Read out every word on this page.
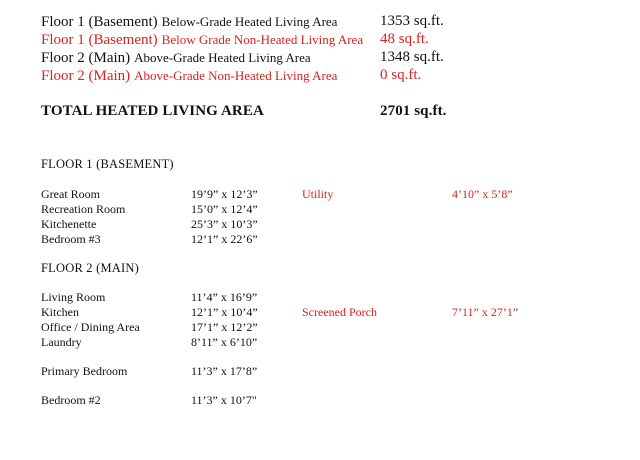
Floor 1 (Basement) Below-Grade Heated Living Area	1353 sq.ft.
Floor 1 (Basement) Below Grade Non-Heated Living Area 48 sq.ft.
Floor 2 (Main) Above-Grade Heated Living Area	1348 sq.ft.
Floor 2 (Main) Above-Grade Non-Heated Living Area	0 sq.ft.
TOTAL HEATED LIVING AREA	2701 sq.ft.
FLOOR 1 (BASEMENT)
Great Room	19’9” x 12’3”	Utility	4’10” x 5’8”
Recreation Room	15’0” x 12’4”
Kitchenette	25’3” x 10’3”
Bedroom #3	12’1” x 22’6”
FLOOR 2 (MAIN)
Living Room	11’4” x 16’9”
Kitchen	12’1” x 10’4”	Screened Porch	7’11” x 27’1”
Office / Dining Area	17’1” x 12’2”
Laundry	8’11” x 6’10”
Primary Bedroom	11’3” x 17’8”
Bedroom #2	11’3” x 10’7"
